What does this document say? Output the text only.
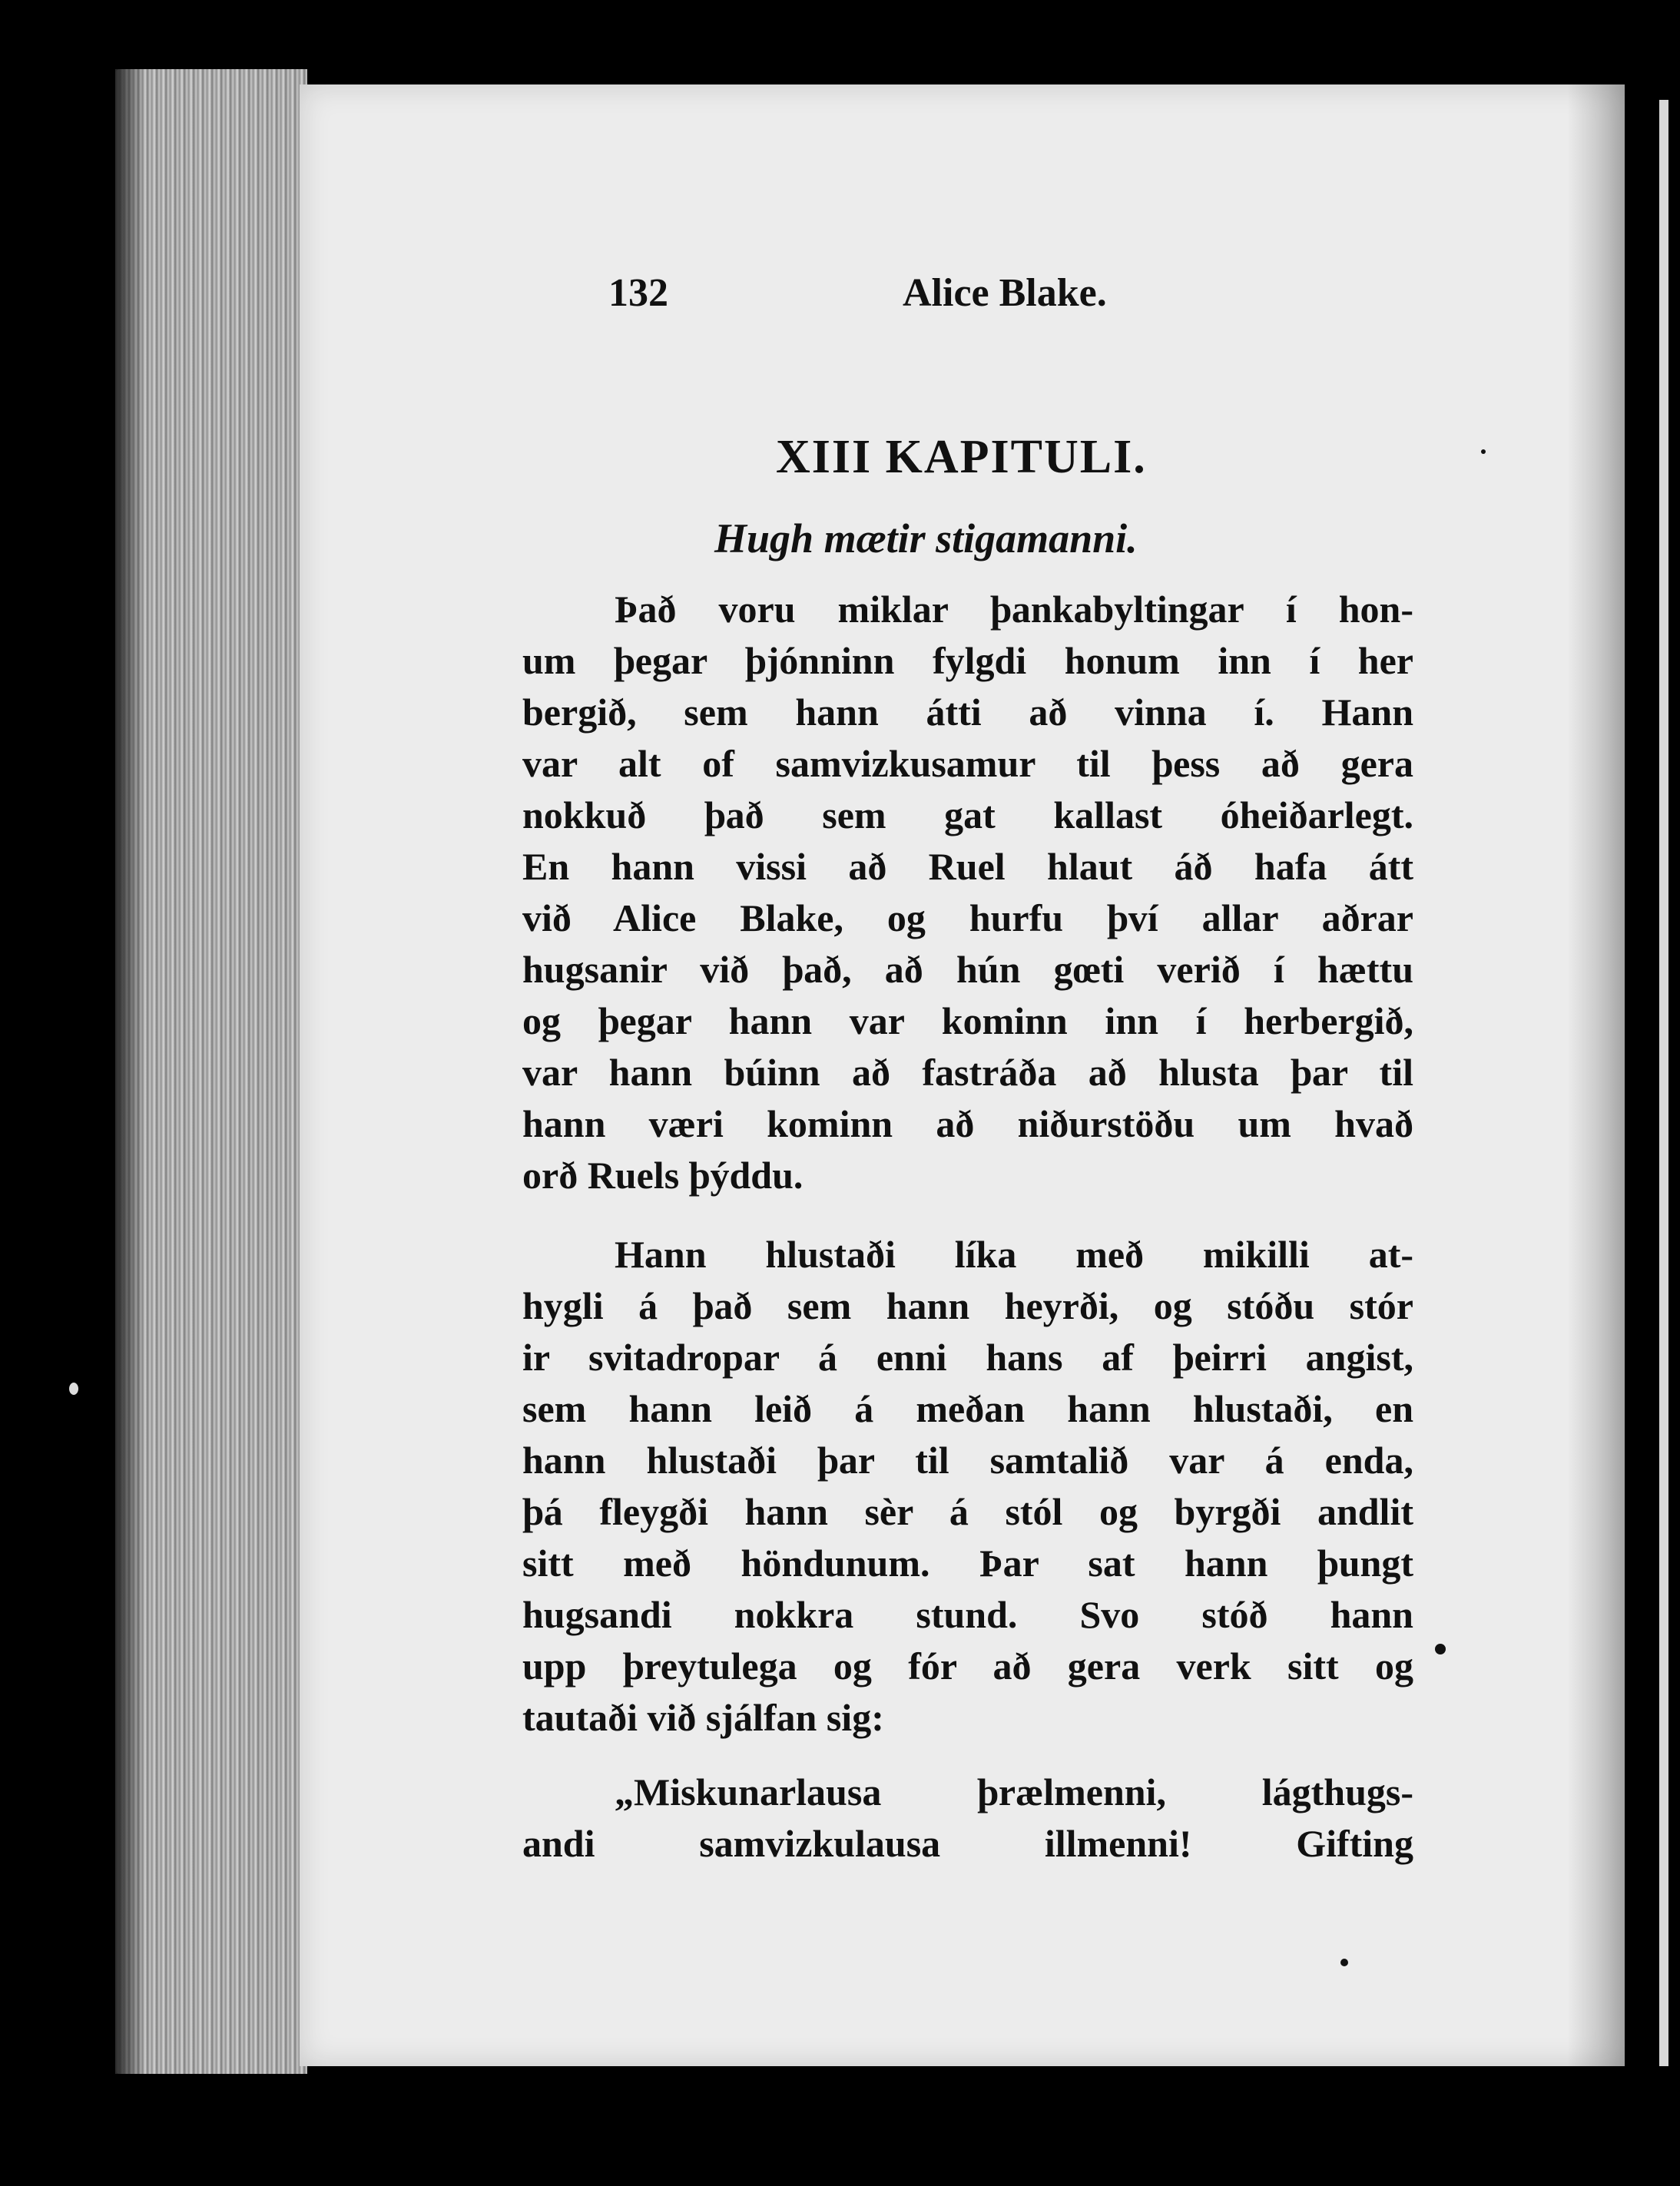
132	Alice Blake.
XIII KAPITULI.
Hugh mætir stigamanni.
Það voru miklar þankabyltingar í hon-
um þegar þjónninn fylgdi honum inn í her
bergið, sem hann átti að vinna í. Hann
var alt of samvizkusamur til þess að gera
nokkuð það sem gat kallast óheiðarlegt.
En hann vissi að Ruel hlaut áð hafa átt
við Alice Blake, og hurfu því allar aðrar
hugsanir við það, að hún gœti verið í hættu
og þegar hann var kominn inn í herbergið,
var hann búinn að fastráða að hlusta þar til
hann væri kominn að niðurstöðu um hvað
orð Ruels þýddu.
Hann hlustaði líka með mikilli at-
hygli á það sem hann heyrði, og stóðu stór
ir svitadropar á enni hans af þeirri angist,
sem hann leið á meðan hann hlustaði, en
hann hlustaði þar til samtalið var á enda,
þá fleygði hann sèr á stól og byrgði andlit
sitt með höndunum. Þar sat hann þungt
hugsandi nokkra stund. Svo stóð hann
upp þreytulega og fór að gera verk sitt og
tautaði við sjálfan sig:
„Miskunarlausa þrælmenni, lágthugs-
andi samvizkulausa illmenni! Gifting
